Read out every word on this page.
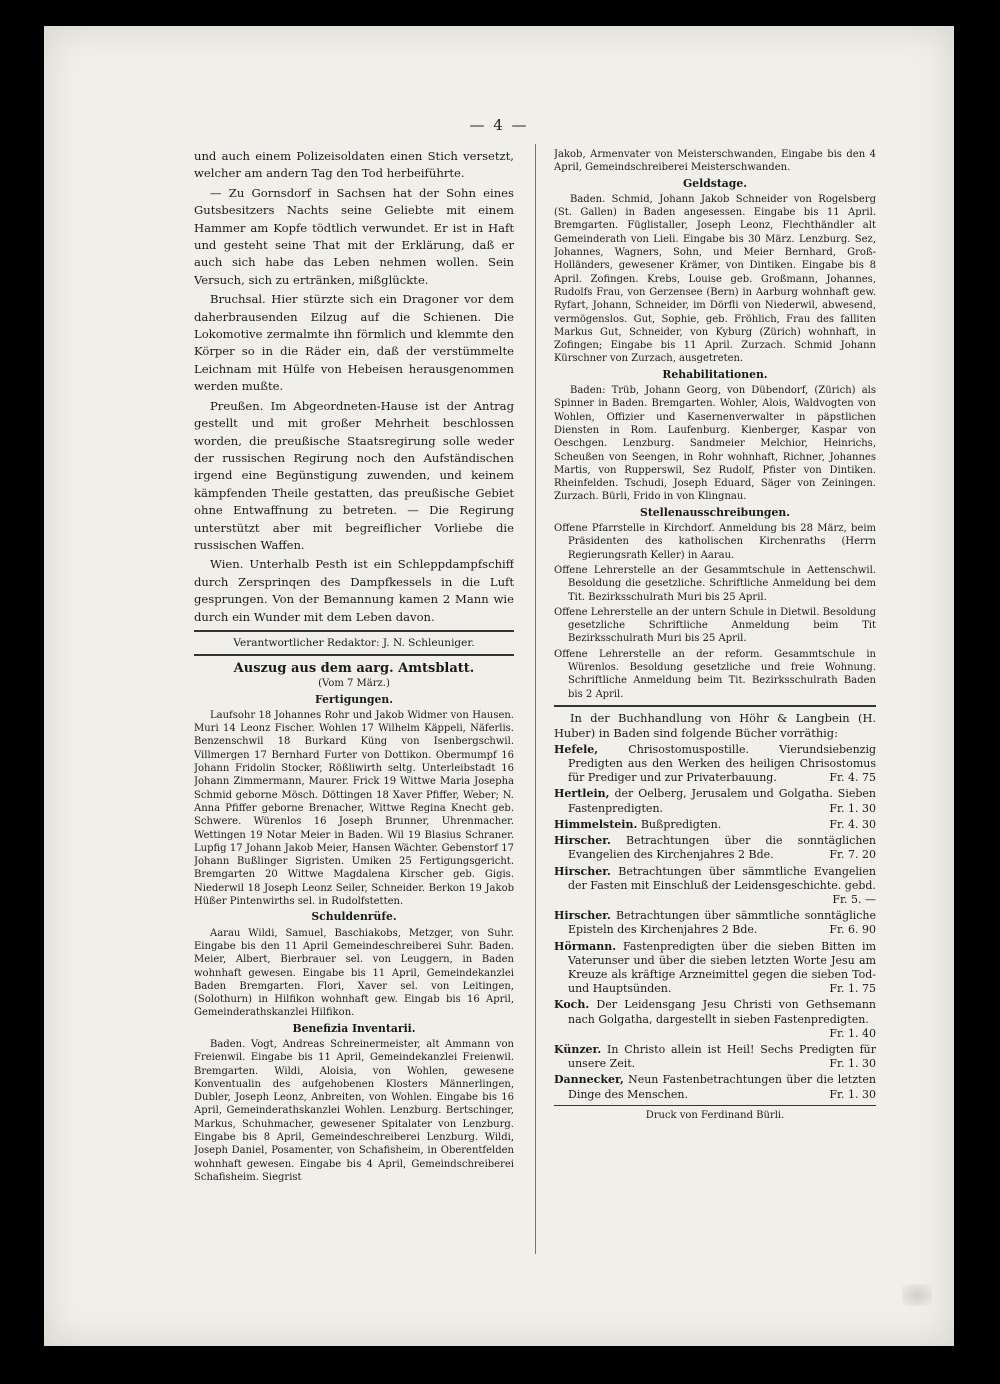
— 4 —

und auch einem Polizeisoldaten einen Stich versetzt, welcher am andern Tag den Tod herbeiführte.

— Zu Gornsdorf in Sachsen hat der Sohn eines Gutsbesitzers Nachts seine Geliebte mit einem Hammer am Kopfe tödtlich verwundet. Er ist in Haft und gesteht seine That mit der Erklärung, daß er auch sich habe das Leben nehmen wollen. Sein Versuch, sich zu ertränken, mißglückte.

Bruchsal. Hier stürzte sich ein Dragoner vor dem daherbrausenden Eilzug auf die Schienen. Die Lokomotive zermalmte ihn förmlich und klemmte den Körper so in die Räder ein, daß der verstümmelte Leichnam mit Hülfe von Hebeisen herausgenommen werden mußte.

Preußen. Im Abgeordneten-Hause ist der Antrag gestellt und mit großer Mehrheit beschlossen worden, die preußische Staatsregirung solle weder der russischen Regirung noch den Aufständischen irgend eine Begünstigung zuwenden, und keinem kämpfenden Theile gestatten, das preußische Gebiet ohne Entwaffnung zu betreten. — Die Regirung unterstützt aber mit begreiflicher Vorliebe die russischen Waffen.

Wien. Unterhalb Pesth ist ein Schleppdampfschiff durch Zersprinqen des Dampfkessels in die Luft gesprungen. Von der Bemannung kamen 2 Mann wie durch ein Wunder mit dem Leben davon.

Verantwortlicher Redaktor: J. N. Schleuniger.

Auszug aus dem aarg. Amtsblatt.
(Vom 7 März.)
Fertigungen.

Laufsohr 18 Johannes Rohr und Jakob Widmer von Hausen. Muri 14 Leonz Fischer. Wohlen 17 Wilhelm Käppeli, Näferlis. Benzenschwil 18 Burkard Küng von Isenbergschwil. Villmergen 17 Bernhard Furter von Dottikon. Obermumpf 16 Johann Fridolin Stocker, Rößliwirth seltg. Unterleibstadt 16 Johann Zimmermann, Maurer. Frick 19 Wittwe Maria Josepha Schmid geborne Mösch. Döttingen 18 Xaver Pfiffer, Weber; N. Anna Pfiffer geborne Brenacher, Wittwe Regina Knecht geb. Schwere. Würenlos 16 Joseph Brunner, Uhrenmacher. Wettingen 19 Notar Meier in Baden. Wil 19 Blasius Schraner. Lupfig 17 Johann Jakob Meier, Hansen Wächter. Gebenstorf 17 Johann Bußlinger Sigristen. Umiken 25 Fertigungsgericht. Bremgarten 20 Wittwe Magdalena Kirscher geb. Gigis. Niederwil 18 Joseph Leonz Seiler, Schneider. Berkon 19 Jakob Hüßer Pintenwirths sel. in Rudolfstetten.

Schuldenrüfe.

Aarau Wildi, Samuel, Baschiakobs, Metzger, von Suhr. Eingabe bis den 11 April Gemeindeschreiberei Suhr. Baden. Meier, Albert, Bierbrauer sel. von Leuggern, in Baden wohnhaft gewesen. Eingabe bis 11 April, Gemeindekanzlei Baden Bremgarten. Flori, Xaver sel. von Leitingen, (Solothurn) in Hilfikon wohnhaft gew. Eingab bis 16 April, Gemeinderathskanzlei Hilfikon.

Benefizia Inventarii.

Baden. Vogt, Andreas Schreinermeister, alt Ammann von Freienwil. Eingabe bis 11 April, Gemeindekanzlei Freienwil. Bremgarten. Wildi, Aloisia, von Wohlen, gewesene Konventualin des aufgehobenen Klosters Männerlingen, Dubler, Joseph Leonz, Anbreiten, von Wohlen. Eingabe bis 16 April, Gemeinderathskanzlei Wohlen. Lenzburg. Bertschinger, Markus, Schuhmacher, gewesener Spitalater von Lenzburg. Eingabe bis 8 April, Gemeindeschreiberei Lenzburg. Wildi, Joseph Daniel, Posamenter, von Schafisheim, in Oberentfelden wohnhaft gewesen. Eingabe bis 4 April, Gemeindschreiberei Schafisheim. Siegrist

Jakob, Armenvater von Meisterschwanden, Eingabe bis den 4 April, Gemeindschreiberei Meisterschwanden.

Geldstage.

Baden. Schmid, Johann Jakob Schneider von Rogelsberg (St. Gallen) in Baden angesessen. Eingabe bis 11 April. Bremgarten. Füglistaller, Joseph Leonz, Flechthändler alt Gemeinderath von Lieli. Eingabe bis 30 März. Lenzburg. Sez, Johannes, Wagners, Sohn, und Meier Bernhard, Groß-Holländers, gewesener Krämer, von Dintiken. Eingabe bis 8 April. Zofingen. Krebs, Louise geb. Großmann, Johannes, Rudolfs Frau, von Gerzensee (Bern) in Aarburg wohnhaft gew. Ryfart, Johann, Schneider, im Dörfli von Niederwil, abwesend, vermögenslos. Gut, Sophie, geb. Fröhlich, Frau des falliten Markus Gut, Schneider, von Kyburg (Zürich) wohnhaft, in Zofingen; Eingabe bis 11 April. Zurzach. Schmid Johann Kürschner von Zurzach, ausgetreten.

Rehabilitationen.

Baden: Trüb, Johann Georg, von Dübendorf, (Zürich) als Spinner in Baden. Bremgarten. Wohler, Alois, Waldvogten von Wohlen, Offizier und Kasernenverwalter in päpstlichen Diensten in Rom. Laufenburg. Kienberger, Kaspar von Oeschgen. Lenzburg. Sandmeier Melchior, Heinrichs, Scheußen von Seengen, in Rohr wohnhaft, Richner, Johannes Martis, von Rupperswil, Sez Rudolf, Pfister von Dintiken. Rheinfelden. Tschudi, Joseph Eduard, Säger von Zeiningen. Zurzach. Bürli, Frido in von Klingnau.

Stellenausschreibungen.

Offene Pfarrstelle in Kirchdorf. Anmeldung bis 28 März, beim Präsidenten des katholischen Kirchenraths (Herrn Regierungsrath Keller) in Aarau.

Offene Lehrerstelle an der Gesammtschule in Aettenschwil. Besoldung die gesetzliche. Schriftliche Anmeldung bei dem Tit. Bezirksschulrath Muri bis 25 April.

Offene Lehrerstelle an der untern Schule in Dietwil. Besoldung gesetzliche Schriftliche Anmeldung beim Tit Bezirksschulrath Muri bis 25 April.

Offene Lehrerstelle an der reform. Gesammtschule in Würenlos. Besoldung gesetzliche und freie Wohnung. Schriftliche Anmeldung beim Tit. Bezirksschulrath Baden bis 2 April.

In der Buchhandlung von Höhr & Langbein (H. Huber) in Baden sind folgende Bücher vorräthig:

Hefele,	Chrisostomuspostille. Vierundsiebenzig Predigten aus den Werken des heiligen Chrisostomus für Prediger und zur Privaterbauung.	Fr. 4. 75

Hertlein, der Oelberg, Jerusalem und Golgatha. Sieben Fastenpredigten.	Fr. 1. 30

Himmelstein. Bußpredigten.	Fr. 4. 30

Hirscher. Betrachtungen über die sonntäglichen Evangelien des Kirchenjahres 2 Bde.	Fr. 7. 20

Hirscher. Betrachtungen über sämmtliche Evangelien der Fasten mit Einschluß der Leidensgeschichte. gebd.
Fr. 5. —

Hirscher. Betrachtungen über sämmtliche sonntägliche Episteln des Kirchenjahres 2 Bde.	Fr. 6. 90

Hörmann. Fastenpredigten über die sieben Bitten im Vaterunser und über die sieben letzten Worte Jesu am Kreuze als kräftige Arzneimittel gegen die sieben Tod- und Hauptsünden.	Fr. 1. 75

Koch. Der Leidensgang Jesu Christi von Gethsemann nach Golgatha, dargestellt in sieben Fastenpredigten.
Fr. 1. 40

Künzer. In Christo allein ist Heil! Sechs Predigten für unsere Zeit.	Fr. 1. 30

Dannecker, Neun Fastenbetrachtungen über die letzten Dinge des Menschen.	Fr. 1. 30

Druck von Ferdinand Bürli.
